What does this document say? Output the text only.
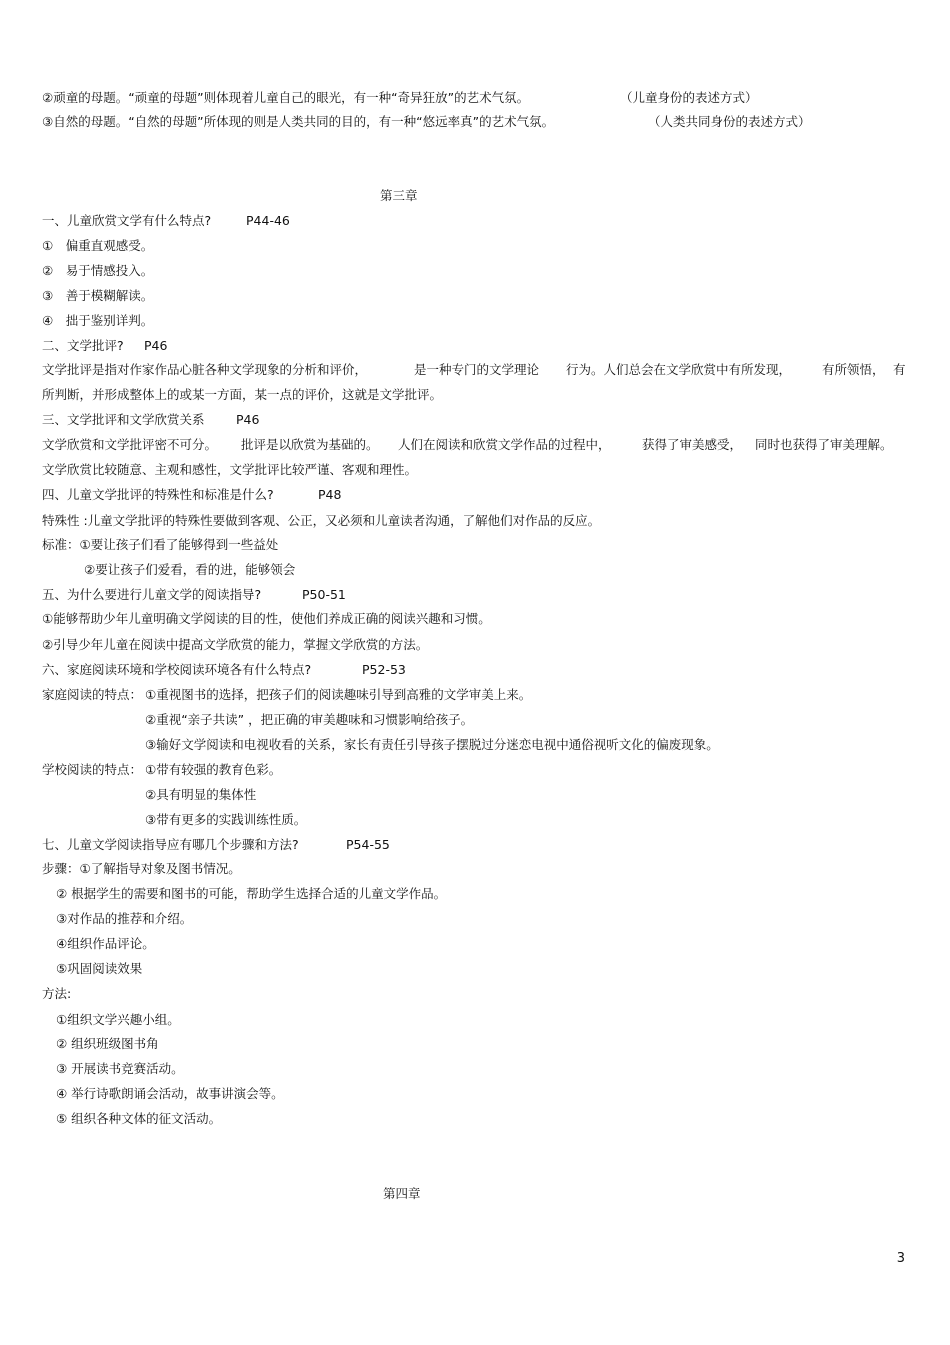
②顽童的母题。“顽童的母题”则体现着儿童自己的眼光，有一种“奇异狂放”的艺术气氛。	（儿童身份的表述方式）
③自然的母题。“自然的母题”所体现的则是人类共同的目的，有一种“悠远率真”的艺术气氛。	（人类共同身份的表述方式）
第三章
一、儿童欣赏文学有什么特点?	P44-46
①　偏重直观感受。
②　易于情感投入。
③　善于模糊解读。
④　拙于鉴别详判。
二、文学批评? P46
文学批评是指对作家作品心脏各种文学现象的分析和评价，	是一种专门的文学理论 行为。人们总会在文学欣赏中有所发现， 有所领悟， 有
所判断，并形成整体上的或某一方面，某一点的评价，这就是文学批评。
三、文学批评和文学欣赏关系	P46
文学欣赏和文学批评密不可分。 批评是以欣赏为基础的。 人们在阅读和欣赏文学作品的过程中，	获得了审美感受， 同时也获得了审美理解。
文学欣赏比较随意、主观和感性，文学批评比较严谨、客观和理性。
四、儿童文学批评的特殊性和标准是什么?	P48
特殊性 :儿童文学批评的特殊性要做到客观、公正，又必须和儿童读者沟通，了解他们对作品的反应。
标准：①要让孩子们看了能够得到一些益处
②要让孩子们爱看，看的进，能够领会
五、为什么要进行儿童文学的阅读指导?	P50-51
①能够帮助少年儿童明确文学阅读的目的性，使他们养成正确的阅读兴趣和习惯。
②引导少年儿童在阅读中提高文学欣赏的能力，掌握文学欣赏的方法。
六、家庭阅读环境和学校阅读环境各有什么特点?	P52-53
家庭阅读的特点： ①重视图书的选择，把孩子们的阅读趣味引导到高雅的文学审美上来。
②重视“亲子共读” ，把正确的审美趣味和习惯影响给孩子。
③输好文学阅读和电视收看的关系，家长有责任引导孩子摆脱过分迷恋电视中通俗视听文化的偏废现象。
学校阅读的特点： ①带有较强的教育色彩。
②具有明显的集体性
③带有更多的实践训练性质。
七、儿童文学阅读指导应有哪几个步骤和方法?	P54-55
步骤：①了解指导对象及图书情况。
② 根据学生的需要和图书的可能，帮助学生选择合适的儿童文学作品。
③对作品的推荐和介绍。
④组织作品评论。
⑤巩固阅读效果
方法:
①组织文学兴趣小组。
② 组织班级图书角
③ 开展读书竞赛活动。
④ 举行诗歌朗诵会活动，故事讲演会等。
⑤ 组织各种文体的征文活动。
第四章
3
